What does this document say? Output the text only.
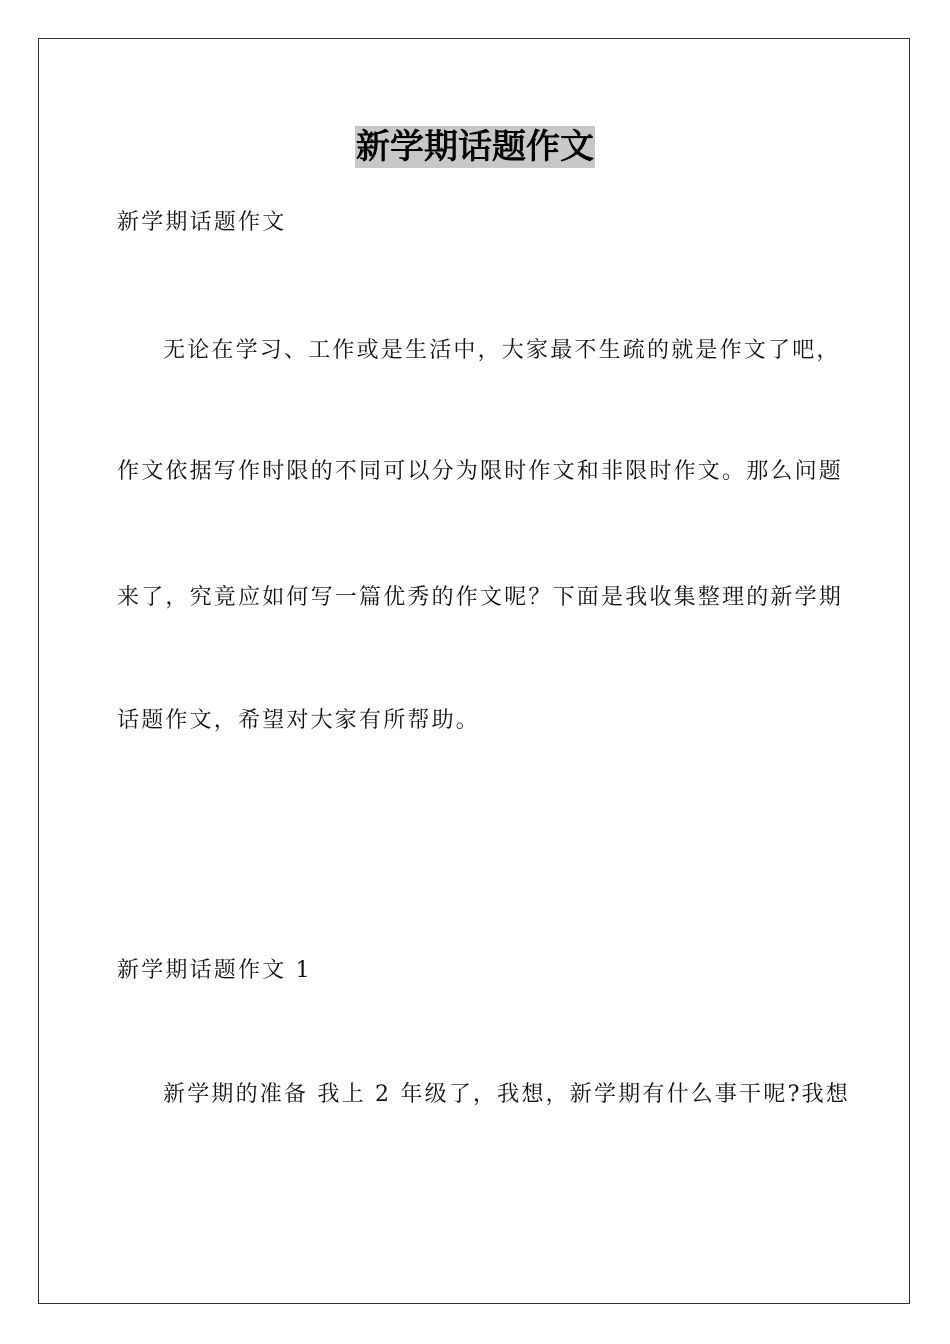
新学期话题作文
新学期话题作文
无论在学习、工作或是生活中，大家最不生疏的就是作文了吧，
作文依据写作时限的不同可以分为限时作文和非限时作文。那么问题
来了，究竟应如何写一篇优秀的作文呢？下面是我收集整理的新学期
话题作文，希望对大家有所帮助。
新学期话题作文 1
新学期的准备 我上 2 年级了，我想，新学期有什么事干呢?我想
